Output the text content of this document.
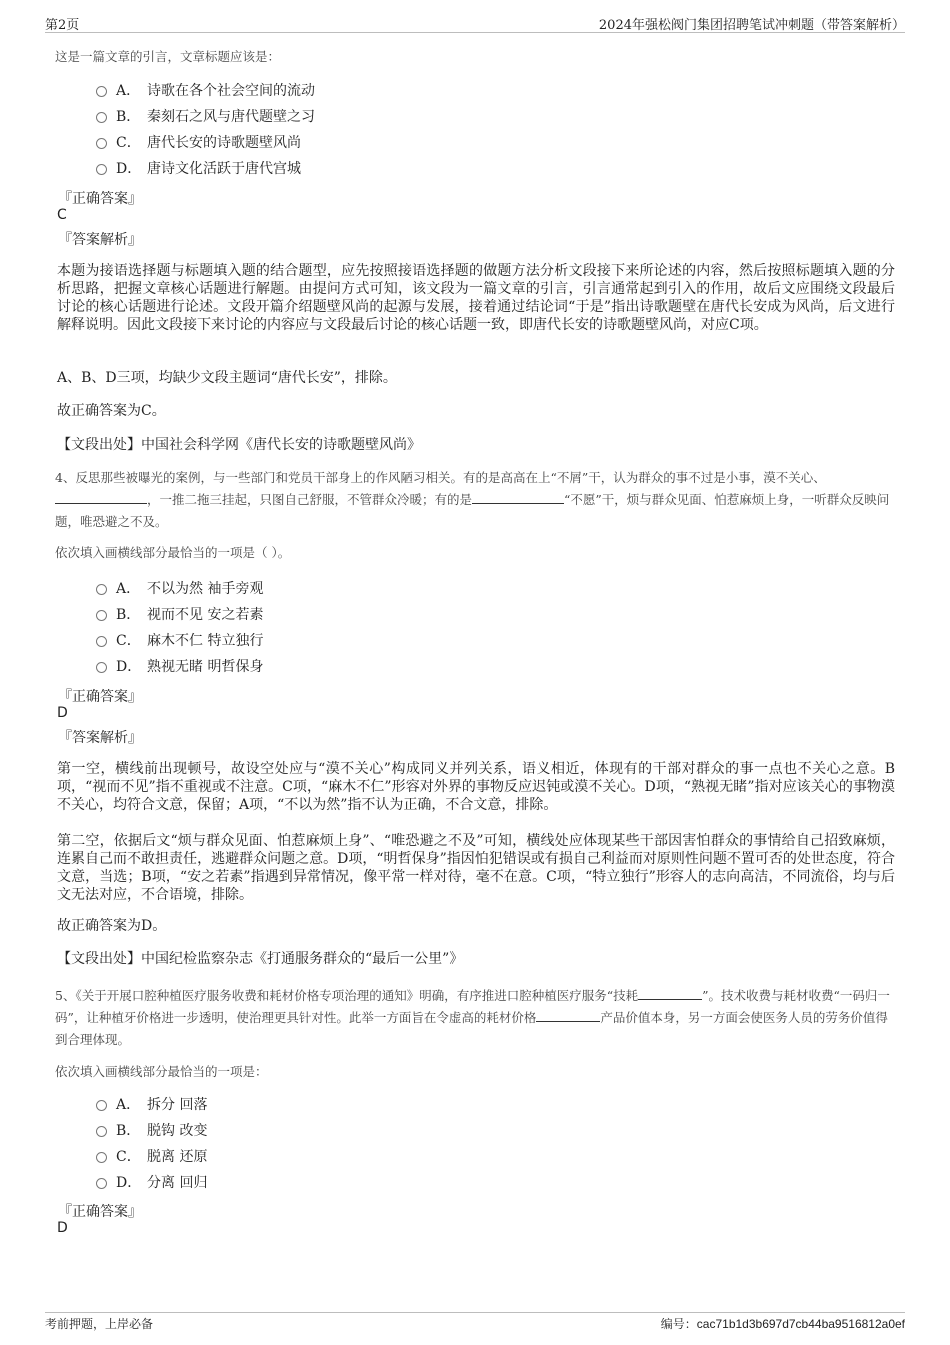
第2页	2024年强松阀门集团招聘笔试冲刺题（带答案解析）
这是一篇文章的引言，文章标题应该是：
A． 诗歌在各个社会空间的流动
B． 秦刻石之风与唐代题壁之习
C． 唐代长安的诗歌题壁风尚
D． 唐诗文化活跃于唐代宫城
『正确答案』
C
『答案解析』
本题为接语选择题与标题填入题的结合题型，应先按照接语选择题的做题方法分析文段接下来所论述的内容，然后按照标题填入题的分析思路，把握文章核心话题进行解题。由提问方式可知，该文段为一篇文章的引言，引言通常起到引入的作用，故后文应围绕文段最后讨论的核心话题进行论述。文段开篇介绍题壁风尚的起源与发展，接着通过结论词“于是”指出诗歌题壁在唐代长安成为风尚，后文进行解释说明。因此文段接下来讨论的内容应与文段最后讨论的核心话题一致，即唐代长安的诗歌题壁风尚，对应C项。
A、B、D三项，均缺少文段主题词“唐代长安”，排除。
故正确答案为C。
【文段出处】中国社会科学网《唐代长安的诗歌题壁风尚》
4、反思那些被曝光的案例，与一些部门和党员干部身上的作风陋习相关。有的是高高在上“不屑”干，认为群众的事不过是小事，漠不关心、，一推二拖三挂起，只图自己舒服，不管群众冷暖；有的是	“不愿”干，烦与群众见面、怕惹麻烦上身，一听群众反映问题，唯恐避之不及。
依次填入画横线部分最恰当的一项是（ ）。
A． 不以为然 袖手旁观
B． 视而不见 安之若素
C． 麻木不仁 特立独行
D． 熟视无睹 明哲保身
『正确答案』
D
『答案解析』
第一空，横线前出现顿号，故设空处应与“漠不关心”构成同义并列关系，语义相近，体现有的干部对群众的事一点也不关心之意。B项，“视而不见”指不重视或不注意。C项，“麻木不仁”形容对外界的事物反应迟钝或漠不关心。D项，“熟视无睹”指对应该关心的事物漠不关心，均符合文意，保留；A项，“不以为然”指不认为正确，不合文意，排除。
第二空，依据后文“烦与群众见面、怕惹麻烦上身”、“唯恐避之不及”可知，横线处应体现某些干部因害怕群众的事情给自己招致麻烦，连累自己而不敢担责任，逃避群众问题之意。D项，“明哲保身”指因怕犯错误或有损自己利益而对原则性问题不置可否的处世态度，符合文意，当选；B项，“安之若素”指遇到异常情况，像平常一样对待，毫不在意。C项，“特立独行”形容人的志向高洁，不同流俗，均与后文无法对应，不合语境，排除。
故正确答案为D。
【文段出处】中国纪检监察杂志《打通服务群众的“最后一公里”》
5、《关于开展口腔种植医疗服务收费和耗材价格专项治理的通知》明确，有序推进口腔种植医疗服务“技耗	”。技术收费与耗材收费“一码归一码”，让种植牙价格进一步透明，使治理更具针对性。此举一方面旨在令虚高的耗材价格	产品价值本身，另一方面会使医务人员的劳务价值得到合理体现。
依次填入画横线部分最恰当的一项是：
A． 拆分 回落
B． 脱钩 改变
C． 脱离 还原
D． 分离 回归
『正确答案』
D
考前押题，上岸必备	编号：cac71b1d3b697d7cb44ba9516812a0ef
